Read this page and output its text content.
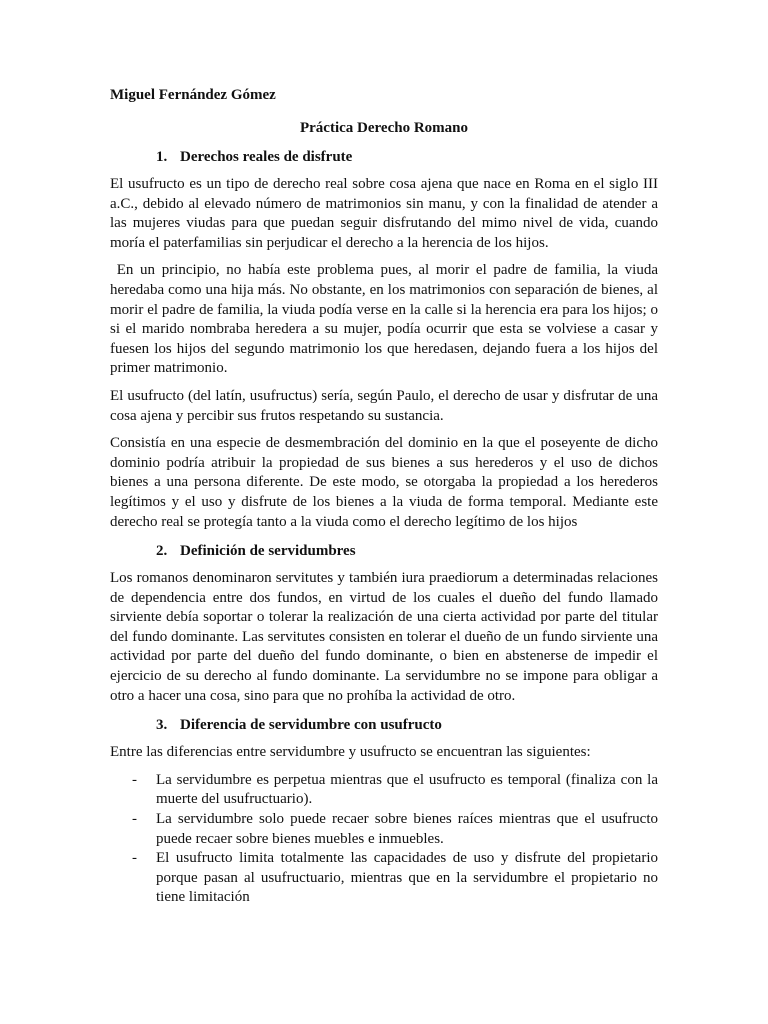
Miguel Fernández Gómez
Práctica Derecho Romano
1. Derechos reales de disfrute

El usufructo es un tipo de derecho real sobre cosa ajena que nace en Roma en el siglo III a.C., debido al elevado número de matrimonios sin manu, y con la finalidad de atender a las mujeres viudas para que puedan seguir disfrutando del mimo nivel de vida, cuando moría el paterfamilias sin perjudicar el derecho a la herencia de los hijos.

En un principio, no había este problema pues, al morir el padre de familia, la viuda heredaba como una hija más. No obstante, en los matrimonios con separación de bienes, al morir el padre de familia, la viuda podía verse en la calle si la herencia era para los hijos; o si el marido nombraba heredera a su mujer, podía ocurrir que esta se volviese a casar y fuesen los hijos del segundo matrimonio los que heredasen, dejando fuera a los hijos del primer matrimonio.

El usufructo (del latín, usufructus) sería, según Paulo, el derecho de usar y disfrutar de una cosa ajena y percibir sus frutos respetando su sustancia.

Consistía en una especie de desmembración del dominio en la que el poseyente de dicho dominio podría atribuir la propiedad de sus bienes a sus herederos y el uso de dichos bienes a una persona diferente. De este modo, se otorgaba la propiedad a los herederos legítimos y el uso y disfrute de los bienes a la viuda de forma temporal. Mediante este derecho real se protegía tanto a la viuda como el derecho legítimo de los hijos

2. Definición de servidumbres

Los romanos denominaron servitutes y también iura praediorum a determinadas relaciones de dependencia entre dos fundos, en virtud de los cuales el dueño del fundo llamado sirviente debía soportar o tolerar la realización de una cierta actividad por parte del titular del fundo dominante. Las servitutes consisten en tolerar el dueño de un fundo sirviente una actividad por parte del dueño del fundo dominante, o bien en abstenerse de impedir el ejercicio de su derecho al fundo dominante. La servidumbre no se impone para obligar a otro a hacer una cosa, sino para que no prohíba la actividad de otro.

3. Diferencia de servidumbre con usufructo

Entre las diferencias entre servidumbre y usufructo se encuentran las siguientes:

- La servidumbre es perpetua mientras que el usufructo es temporal (finaliza con la muerte del usufructuario).
- La servidumbre solo puede recaer sobre bienes raíces mientras que el usufructo puede recaer sobre bienes muebles e inmuebles.
- El usufructo limita totalmente las capacidades de uso y disfrute del propietario porque pasan al usufructuario, mientras que en la servidumbre el propietario no tiene limitación
